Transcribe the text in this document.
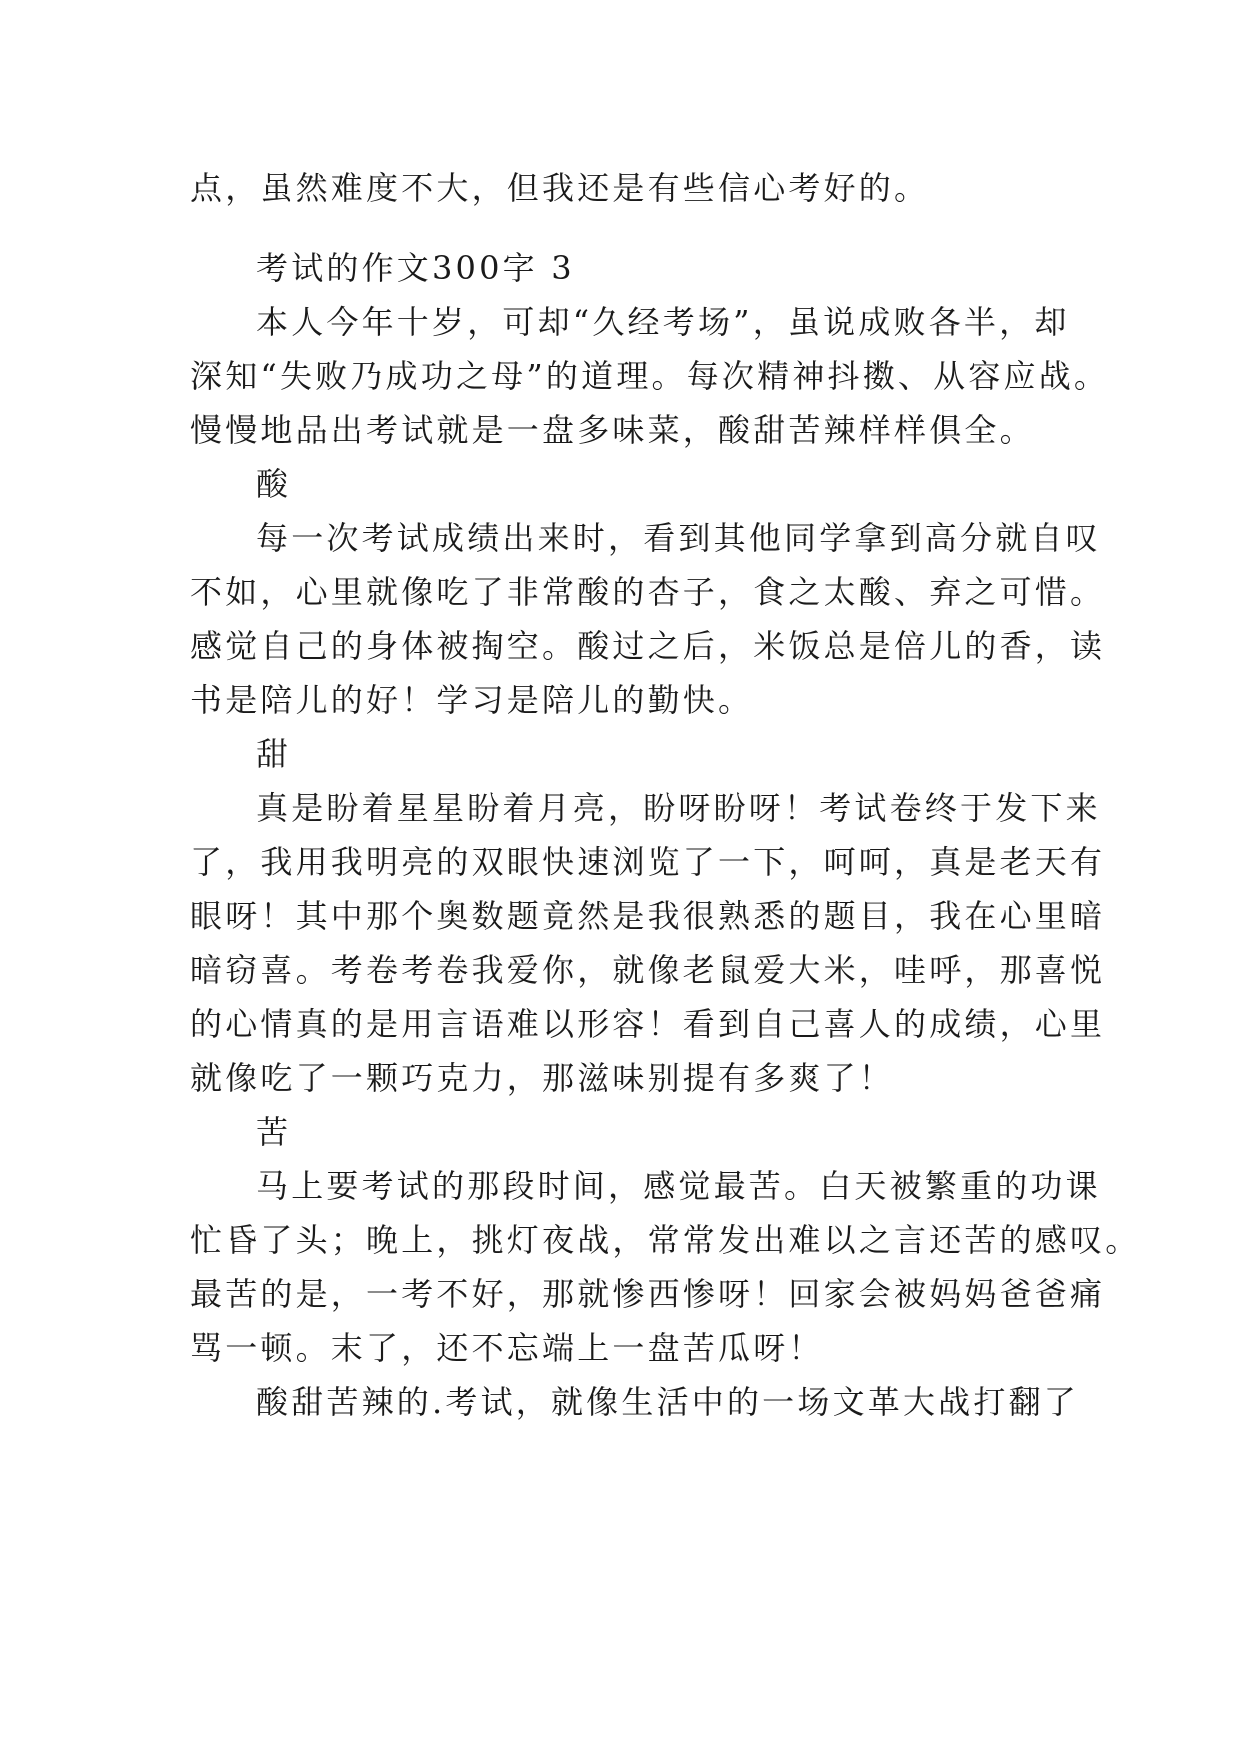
点，虽然难度不大，但我还是有些信心考好的。
考试的作文300字 3
本人今年十岁，可却“久经考场”，虽说成败各半，却
深知“失败乃成功之母”的道理。每次精神抖擞、从容应战。
慢慢地品出考试就是一盘多味菜，酸甜苦辣样样俱全。
酸
每一次考试成绩出来时，看到其他同学拿到高分就自叹
不如，心里就像吃了非常酸的杏子，食之太酸、弃之可惜。
感觉自己的身体被掏空。酸过之后，米饭总是倍儿的香，读
书是陪儿的好！学习是陪儿的勤快。
甜
真是盼着星星盼着月亮，盼呀盼呀！考试卷终于发下来
了，我用我明亮的双眼快速浏览了一下，呵呵，真是老天有
眼呀！其中那个奥数题竟然是我很熟悉的题目，我在心里暗
暗窃喜。考卷考卷我爱你，就像老鼠爱大米，哇呼，那喜悦
的心情真的是用言语难以形容！看到自己喜人的成绩，心里
就像吃了一颗巧克力，那滋味别提有多爽了！
苦
马上要考试的那段时间，感觉最苦。白天被繁重的功课
忙昏了头；晚上，挑灯夜战，常常发出难以之言还苦的感叹。
最苦的是，一考不好，那就惨西惨呀！回家会被妈妈爸爸痛
骂一顿。末了，还不忘端上一盘苦瓜呀！
酸甜苦辣的.考试，就像生活中的一场文革大战打翻了
